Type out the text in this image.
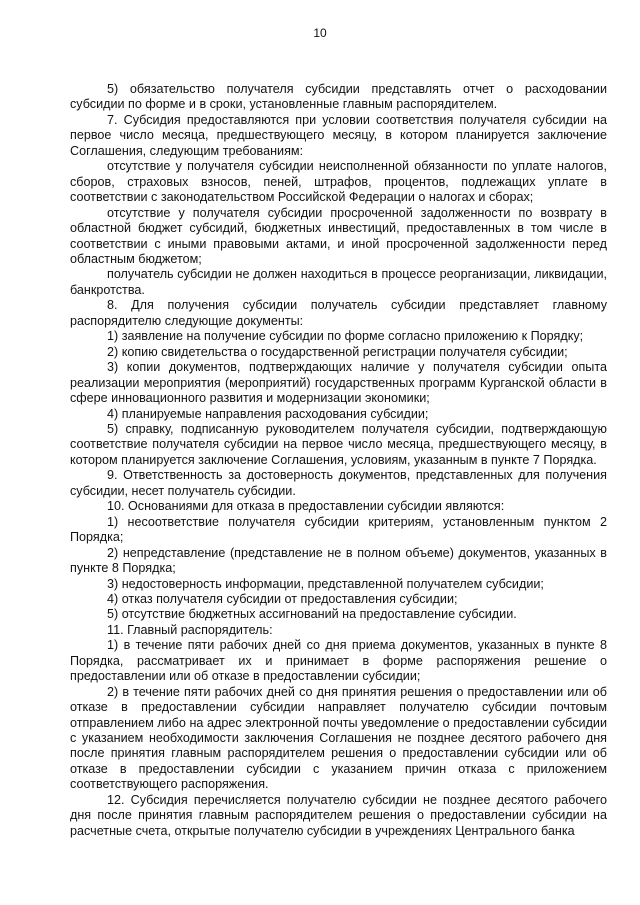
10

5) обязательство получателя субсидии представлять отчет о расходовании субсидии по форме и в сроки, установленные главным распорядителем.

7. Субсидия предоставляются при условии соответствия получателя субсидии на первое число месяца, предшествующего месяцу, в котором планируется заключение Соглашения, следующим требованиям:

отсутствие у получателя субсидии неисполненной обязанности по уплате налогов, сборов, страховых взносов, пеней, штрафов, процентов, подлежащих уплате в соответствии с законодательством Российской Федерации о налогах и сборах;

отсутствие у получателя субсидии просроченной задолженности по возврату в областной бюджет субсидий, бюджетных инвестиций, предоставленных в том числе в соответствии с иными правовыми актами, и иной просроченной задолженности перед областным бюджетом;

получатель субсидии не должен находиться в процессе реорганизации, ликвидации, банкротства.

8. Для получения субсидии получатель субсидии представляет главному распорядителю следующие документы:

1) заявление на получение субсидии по форме согласно приложению к Порядку;

2) копию свидетельства о государственной регистрации получателя субсидии;

3) копии документов, подтверждающих наличие у получателя субсидии опыта реализации мероприятия (мероприятий) государственных программ Курганской области в сфере инновационного развития и модернизации экономики;

4) планируемые направления расходования субсидии;

5) справку, подписанную руководителем получателя субсидии, подтверждающую соответствие получателя субсидии на первое число месяца, предшествующего месяцу, в котором планируется заключение Соглашения, условиям, указанным в пункте 7 Порядка.

9. Ответственность за достоверность документов, представленных для получения субсидии, несет получатель субсидии.

10. Основаниями для отказа в предоставлении субсидии являются:

1) несоответствие получателя субсидии критериям, установленным пунктом 2 Порядка;

2) непредставление (представление не в полном объеме) документов, указанных в пункте 8 Порядка;

3) недостоверность информации, представленной получателем субсидии;

4) отказ получателя субсидии от предоставления субсидии;

5) отсутствие бюджетных ассигнований на предоставление субсидии.

11. Главный распорядитель:

1) в течение пяти рабочих дней со дня приема документов, указанных в пункте 8 Порядка, рассматривает их и принимает в форме распоряжения решение о предоставлении или об отказе в предоставлении субсидии;

2) в течение пяти рабочих дней со дня принятия решения о предоставлении или об отказе в предоставлении субсидии направляет получателю субсидии почтовым отправлением либо на адрес электронной почты уведомление о предоставлении субсидии с указанием необходимости заключения Соглашения не позднее десятого рабочего дня после принятия главным распорядителем решения о предоставлении субсидии или об отказе в предоставлении субсидии с указанием причин отказа с приложением соответствующего распоряжения.

12. Субсидия перечисляется получателю субсидии не позднее десятого рабочего дня после принятия главным распорядителем решения о предоставлении субсидии на расчетные счета, открытые получателю субсидии в учреждениях Центрального банка
